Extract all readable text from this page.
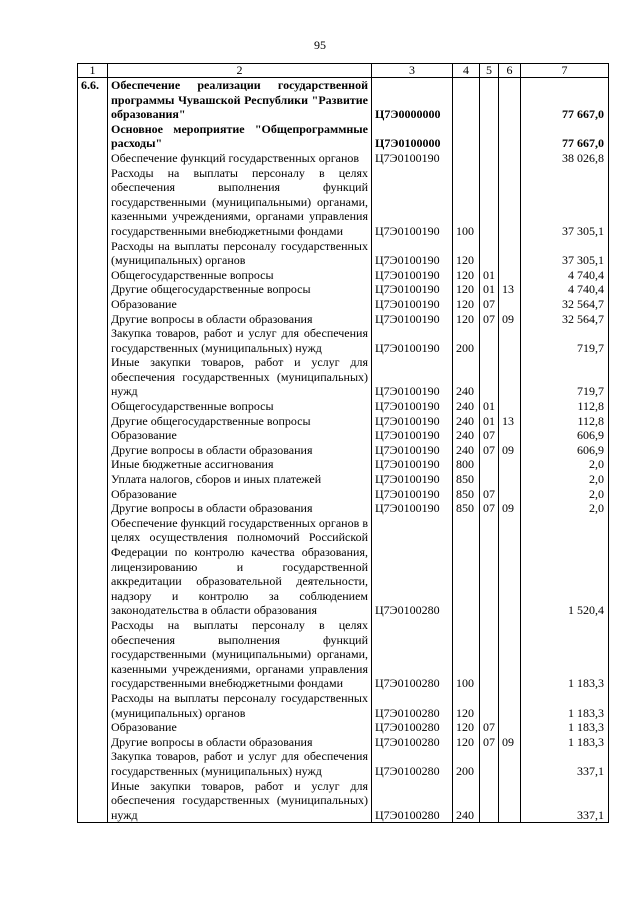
95
1	2	3	4	5	6	7
6.6.	Обеспечение реализации государственной программы Чувашской Республики "Развитие образования"	Ц7Э0000000				77 667,0
	Основное мероприятие "Общепрограммные расходы"	Ц7Э0100000				77 667,0
	Обеспечение функций государственных органов	Ц7Э0100190				38 026,8
	Расходы на выплаты персоналу в целях обеспечения выполнения функций государственными (муниципальными) органами, казенными учреждениями, органами управления государственными внебюджетными фондами	Ц7Э0100190	100			37 305,1
	Расходы на выплаты персоналу государственных (муниципальных) органов	Ц7Э0100190	120			37 305,1
	Общегосударственные вопросы	Ц7Э0100190	120	01		4 740,4
	Другие общегосударственные вопросы	Ц7Э0100190	120	01	13	4 740,4
	Образование	Ц7Э0100190	120	07		32 564,7
	Другие вопросы в области образования	Ц7Э0100190	120	07	09	32 564,7
	Закупка товаров, работ и услуг для обеспечения государственных (муниципальных) нужд	Ц7Э0100190	200			719,7
	Иные закупки товаров, работ и услуг для обеспечения государственных (муниципальных) нужд	Ц7Э0100190	240			719,7
	Общегосударственные вопросы	Ц7Э0100190	240	01		112,8
	Другие общегосударственные вопросы	Ц7Э0100190	240	01	13	112,8
	Образование	Ц7Э0100190	240	07		606,9
	Другие вопросы в области образования	Ц7Э0100190	240	07	09	606,9
	Иные бюджетные ассигнования	Ц7Э0100190	800			2,0
	Уплата налогов, сборов и иных платежей	Ц7Э0100190	850			2,0
	Образование	Ц7Э0100190	850	07		2,0
	Другие вопросы в области образования	Ц7Э0100190	850	07	09	2,0
	Обеспечение функций государственных органов в целях осуществления полномочий Российской Федерации по контролю качества образования, лицензированию и государственной аккредитации образовательной деятельности, надзору и контролю за соблюдением законодательства в области образования	Ц7Э0100280				1 520,4
	Расходы на выплаты персоналу в целях обеспечения выполнения функций государственными (муниципальными) органами, казенными учреждениями, органами управления государственными внебюджетными фондами	Ц7Э0100280	100			1 183,3
	Расходы на выплаты персоналу государственных (муниципальных) органов	Ц7Э0100280	120			1 183,3
	Образование	Ц7Э0100280	120	07		1 183,3
	Другие вопросы в области образования	Ц7Э0100280	120	07	09	1 183,3
	Закупка товаров, работ и услуг для обеспечения государственных (муниципальных) нужд	Ц7Э0100280	200			337,1
	Иные закупки товаров, работ и услуг для обеспечения государственных (муниципальных) нужд	Ц7Э0100280	240			337,1
